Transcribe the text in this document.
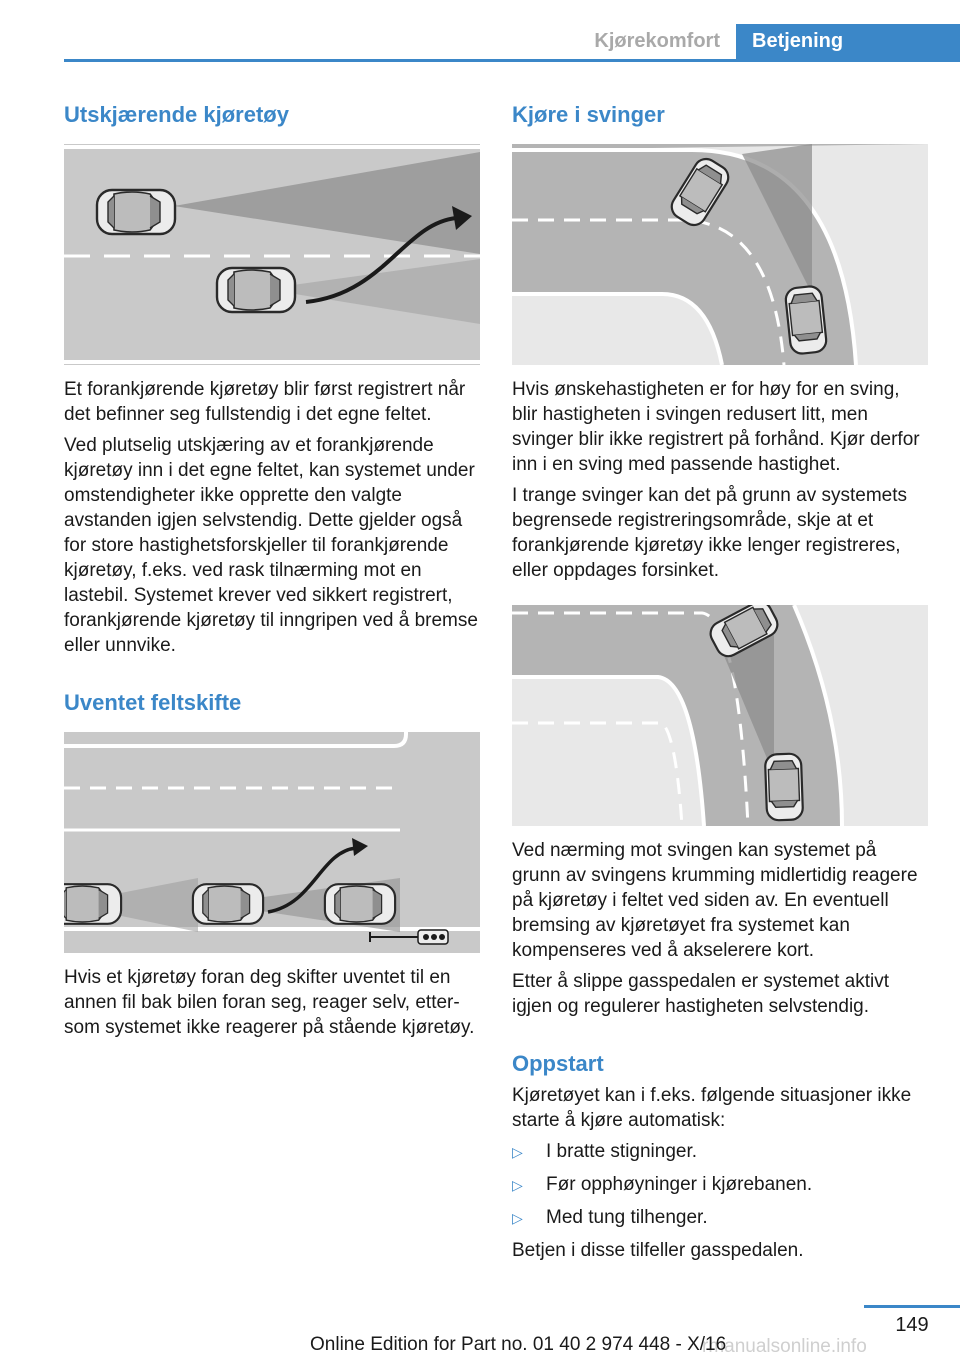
Kjørekomfort	Betjening
Utskjærende kjøretøy

Et forankjørende kjøretøy blir først registrert når det befinner seg fullstendig i det egne feltet.

Ved plutselig utskjæring av et forankjørende kjøretøy inn i det egne feltet, kan systemet under omstendigheter ikke opprette den valgte avstanden igjen selvstendig. Dette gjelder også for store hastighetsforskjeller til forankjørende kjøretøy, f.eks. ved rask tilnærming mot en lastebil. Systemet krever ved sikkert registrert, forankjørende kjøretøy til inngripen ved å bremse eller unnvike.

Uventet feltskifte

Hvis et kjøretøy foran deg skifter uventet til en annen fil bak bilen foran seg, reager selv, ettersom systemet ikke reagerer på stående kjøretøy.

Kjøre i svinger

Hvis ønskehastigheten er for høy for en sving, blir hastigheten i svingen redusert litt, men svinger blir ikke registrert på forhånd. Kjør derfor inn i en sving med passende hastighet.

I trange svinger kan det på grunn av systemets begrensede registreringsområde, skje at et forankjørende kjøretøy ikke lenger registreres, eller oppdages forsinket.

Ved nærming mot svingen kan systemet på grunn av svingens krumming midlertidig reagere på kjøretøy i feltet ved siden av. En eventuell bremsing av kjøretøyet fra systemet kan kompenseres ved å akselerere kort.

Etter å slippe gasspedalen er systemet aktivt igjen og regulerer hastigheten selvstendig.

Oppstart

Kjøretøyet kan i f.eks. følgende situasjoner ikke starte å kjøre automatisk:

▷	I bratte stigninger.
▷	Før opphøyninger i kjørebanen.
▷	Med tung tilhenger.

Betjen i disse tilfeller gasspedalen.

149
rmanualsonline.info
Online Edition for Part no. 01 40 2 974 448 - X/16
